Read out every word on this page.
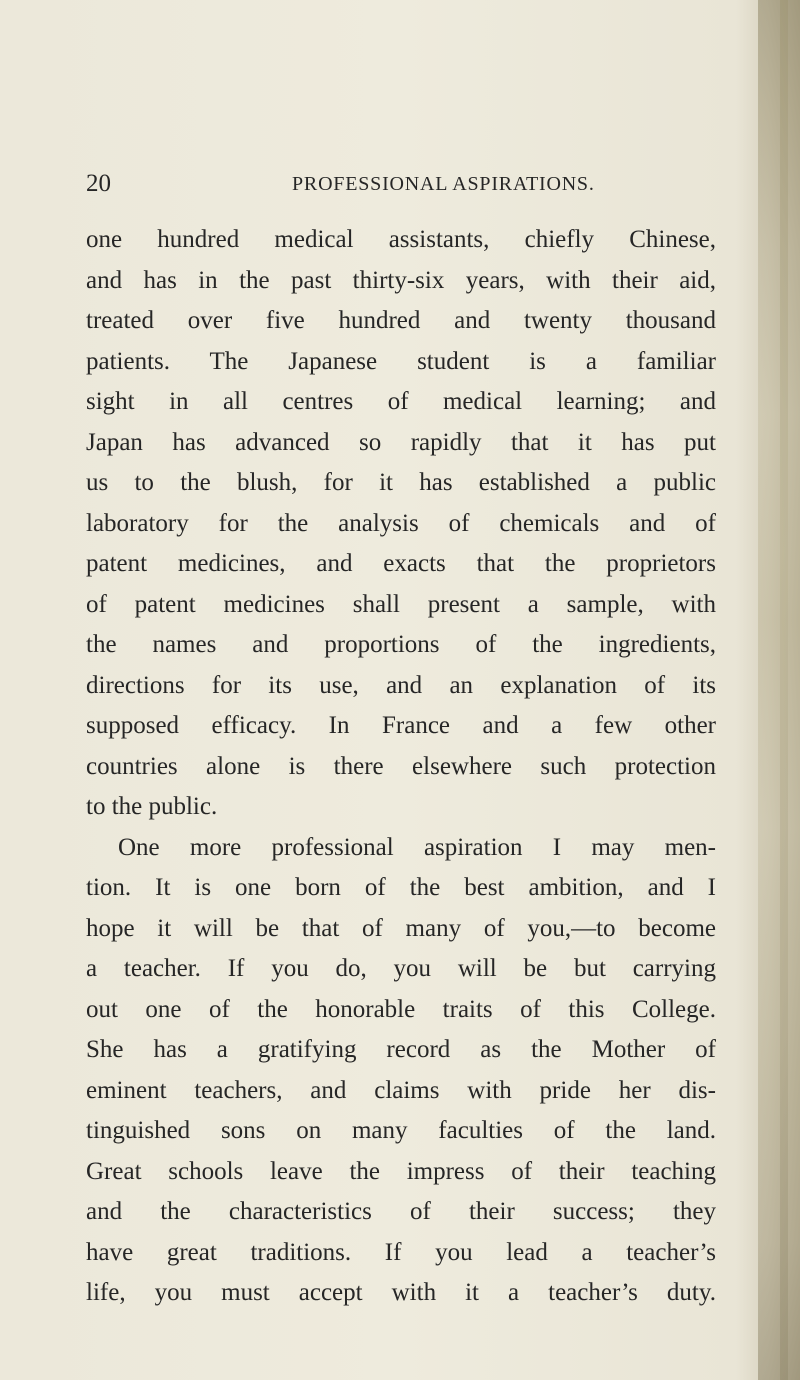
20	PROFESSIONAL ASPIRATIONS.
one hundred medical assistants, chiefly Chinese,
and has in the past thirty-six years, with their aid,
treated over five hundred and twenty thousand
patients. The Japanese student is a familiar
sight in all centres of medical learning; and
Japan has advanced so rapidly that it has put
us to the blush, for it has established a public
laboratory for the analysis of chemicals and of
patent medicines, and exacts that the proprietors
of patent medicines shall present a sample, with
the names and proportions of the ingredients,
directions for its use, and an explanation of its
supposed efficacy. In France and a few other
countries alone is there elsewhere such protection
to the public.
One more professional aspiration I may men-
tion. It is one born of the best ambition, and I
hope it will be that of many of you,—to become
a teacher. If you do, you will be but carrying
out one of the honorable traits of this College.
She has a gratifying record as the Mother of
eminent teachers, and claims with pride her dis-
tinguished sons on many faculties of the land.
Great schools leave the impress of their teaching
and the characteristics of their success; they
have great traditions. If you lead a teacher’s
life, you must accept with it a teacher’s duty.
